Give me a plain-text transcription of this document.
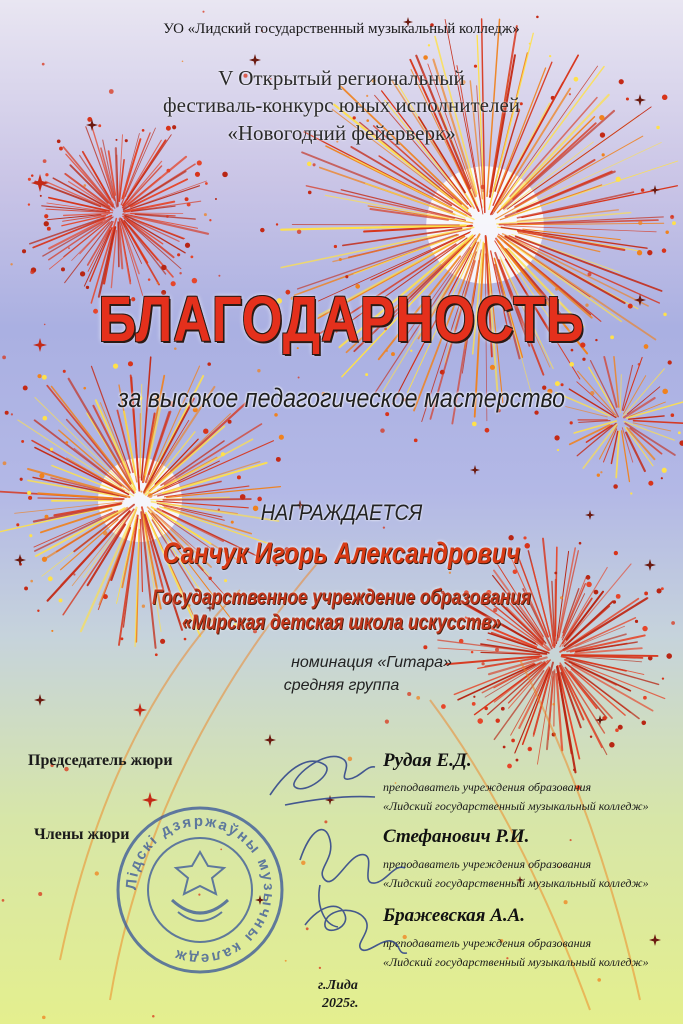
УО «Лидский государственный музыкальный колледж»

V Открытый региональный

фестиваль-конкурс юных исполнителей

«Новогодний фейерверк»

БЛАГОДАРНОСТЬ

за высокое педагогическое мастерство

НАГРАЖДАЕТСЯ

Санчук Игорь Александрович

Государственное учреждение образования

«Мирская детская школа искусств»

номинация «Гитара»

средняя группа

Председатель жюри

Члены жюри

Рудая Е.Д.

преподаватель учреждения образования

«Лидский государственный музыкальный колледж»

Стефанович Р.И.

преподаватель учреждения образования

«Лидский государственный музыкальный колледж»

Бражевская А.А.

преподаватель учреждения образования

«Лидский государственный музыкальный колледж»

г.Лида

2025г.

Лідскі дзяржаўны музычны каледж
